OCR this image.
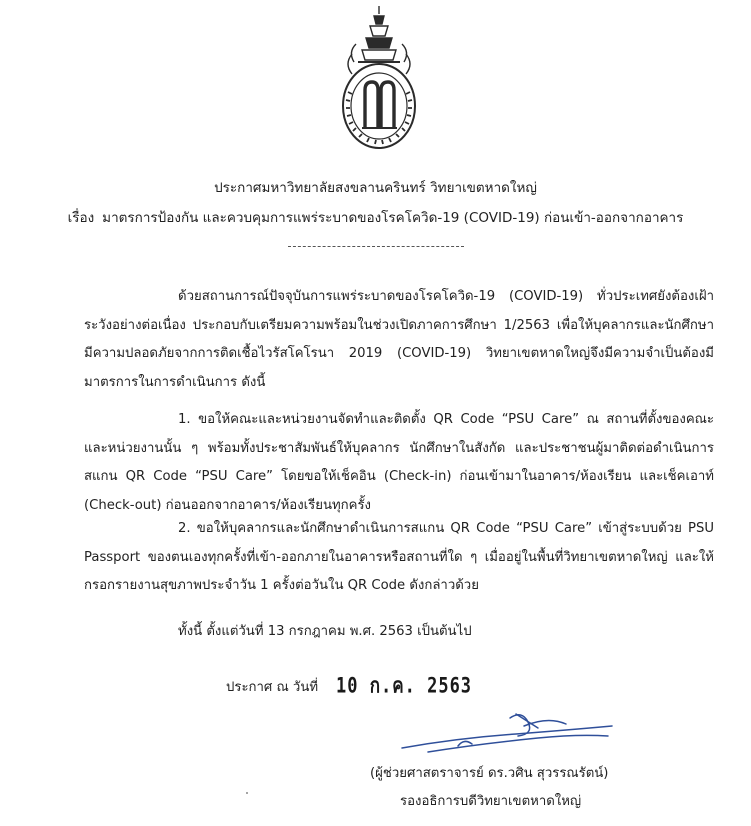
ประกาศมหาวิทยาลัยสงขลานครินทร์ วิทยาเขตหาดใหญ่
เรื่อง มาตรการป้องกัน และควบคุมการแพร่ระบาดของโรคโควิด-19 (COVID-19) ก่อนเข้า-ออกจากอาคาร

ด้วยสถานการณ์ปัจจุบันการแพร่ระบาดของโรคโควิด-19 (COVID-19) ทั่วประเทศยังต้องเฝ้าระวังอย่างต่อเนื่อง ประกอบกับเตรียมความพร้อมในช่วงเปิดภาคการศึกษา 1/2563 เพื่อให้บุคลากรและนักศึกษามีความปลอดภัยจากการติดเชื้อไวรัสโคโรนา 2019 (COVID-19) วิทยาเขตหาดใหญ่จึงมีความจำเป็นต้องมีมาตรการในการดำเนินการ ดังนี้

1. ขอให้คณะและหน่วยงานจัดทำและติดตั้ง QR Code “PSU Care” ณ สถานที่ตั้งของคณะและหน่วยงานนั้น ๆ พร้อมทั้งประชาสัมพันธ์ให้บุคลากร นักศึกษาในสังกัด และประชาชนผู้มาติดต่อดำเนินการสแกน QR Code “PSU Care” โดยขอให้เช็คอิน (Check-in) ก่อนเข้ามาในอาคาร/ห้องเรียน และเช็คเอาท์ (Check-out) ก่อนออกจากอาคาร/ห้องเรียนทุกครั้ง

2. ขอให้บุคลากรและนักศึกษาดำเนินการสแกน QR Code “PSU Care” เข้าสู่ระบบด้วย PSU Passport ของตนเองทุกครั้งที่เข้า-ออกภายในอาคารหรือสถานที่ใด ๆ เมื่ออยู่ในพื้นที่วิทยาเขตหาดใหญ่ และให้กรอกรายงานสุขภาพประจำวัน 1 ครั้งต่อวันใน QR Code ดังกล่าวด้วย

ทั้งนี้ ตั้งแต่วันที่ 13 กรกฎาคม พ.ศ. 2563 เป็นต้นไป
ประกาศ ณ วันที่ 10 ก.ค. 2563
(ผู้ช่วยศาสตราจารย์ ดร.วศิน สุวรรณรัตน์)
รองอธิการบดีวิทยาเขตหาดใหญ่
